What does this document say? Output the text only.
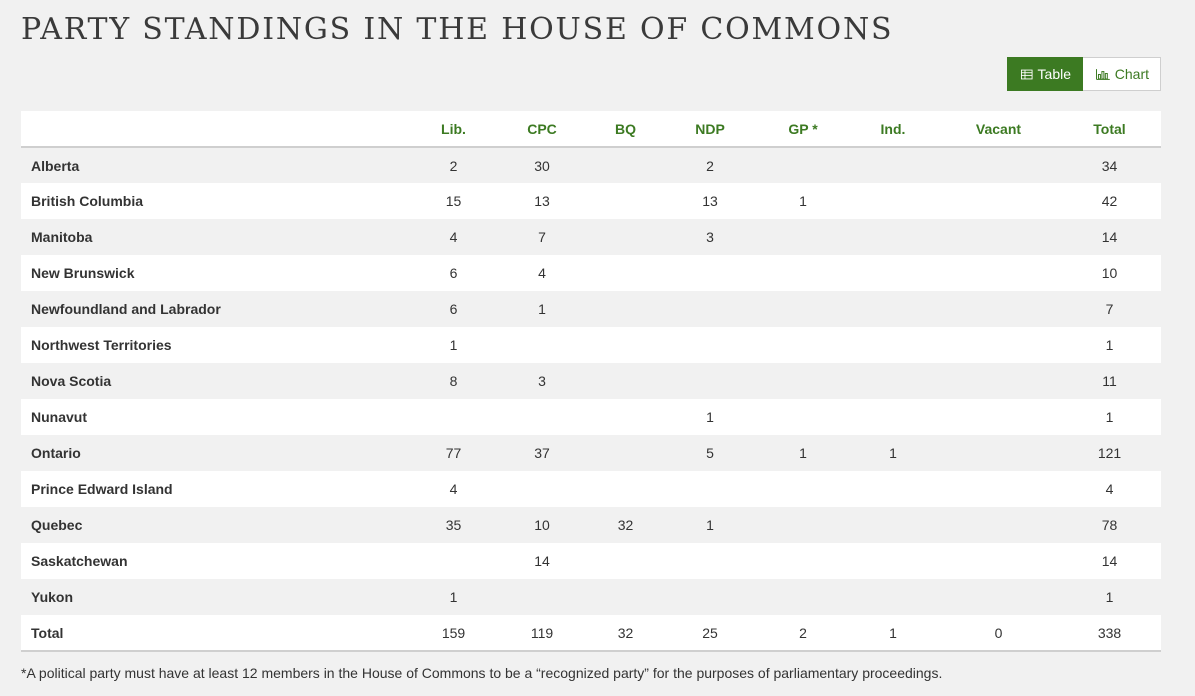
PARTY STANDINGS IN THE HOUSE OF COMMONS
Table	Chart
	Lib.	CPC	BQ	NDP	GP *	Ind.	Vacant	Total
Alberta	2	30		2				34
British Columbia	15	13		13	1			42
Manitoba	4	7		3				14
New Brunswick	6	4						10
Newfoundland and Labrador	6	1						7
Northwest Territories	1							1
Nova Scotia	8	3						11
Nunavut				1				1
Ontario	77	37		5	1	1		121
Prince Edward Island	4							4
Quebec	35	10	32	1				78
Saskatchewan		14						14
Yukon	1							1
Total	159	119	32	25	2	1	0	338
*A political party must have at least 12 members in the House of Commons to be a “recognized party” for the purposes of parliamentary proceedings.
